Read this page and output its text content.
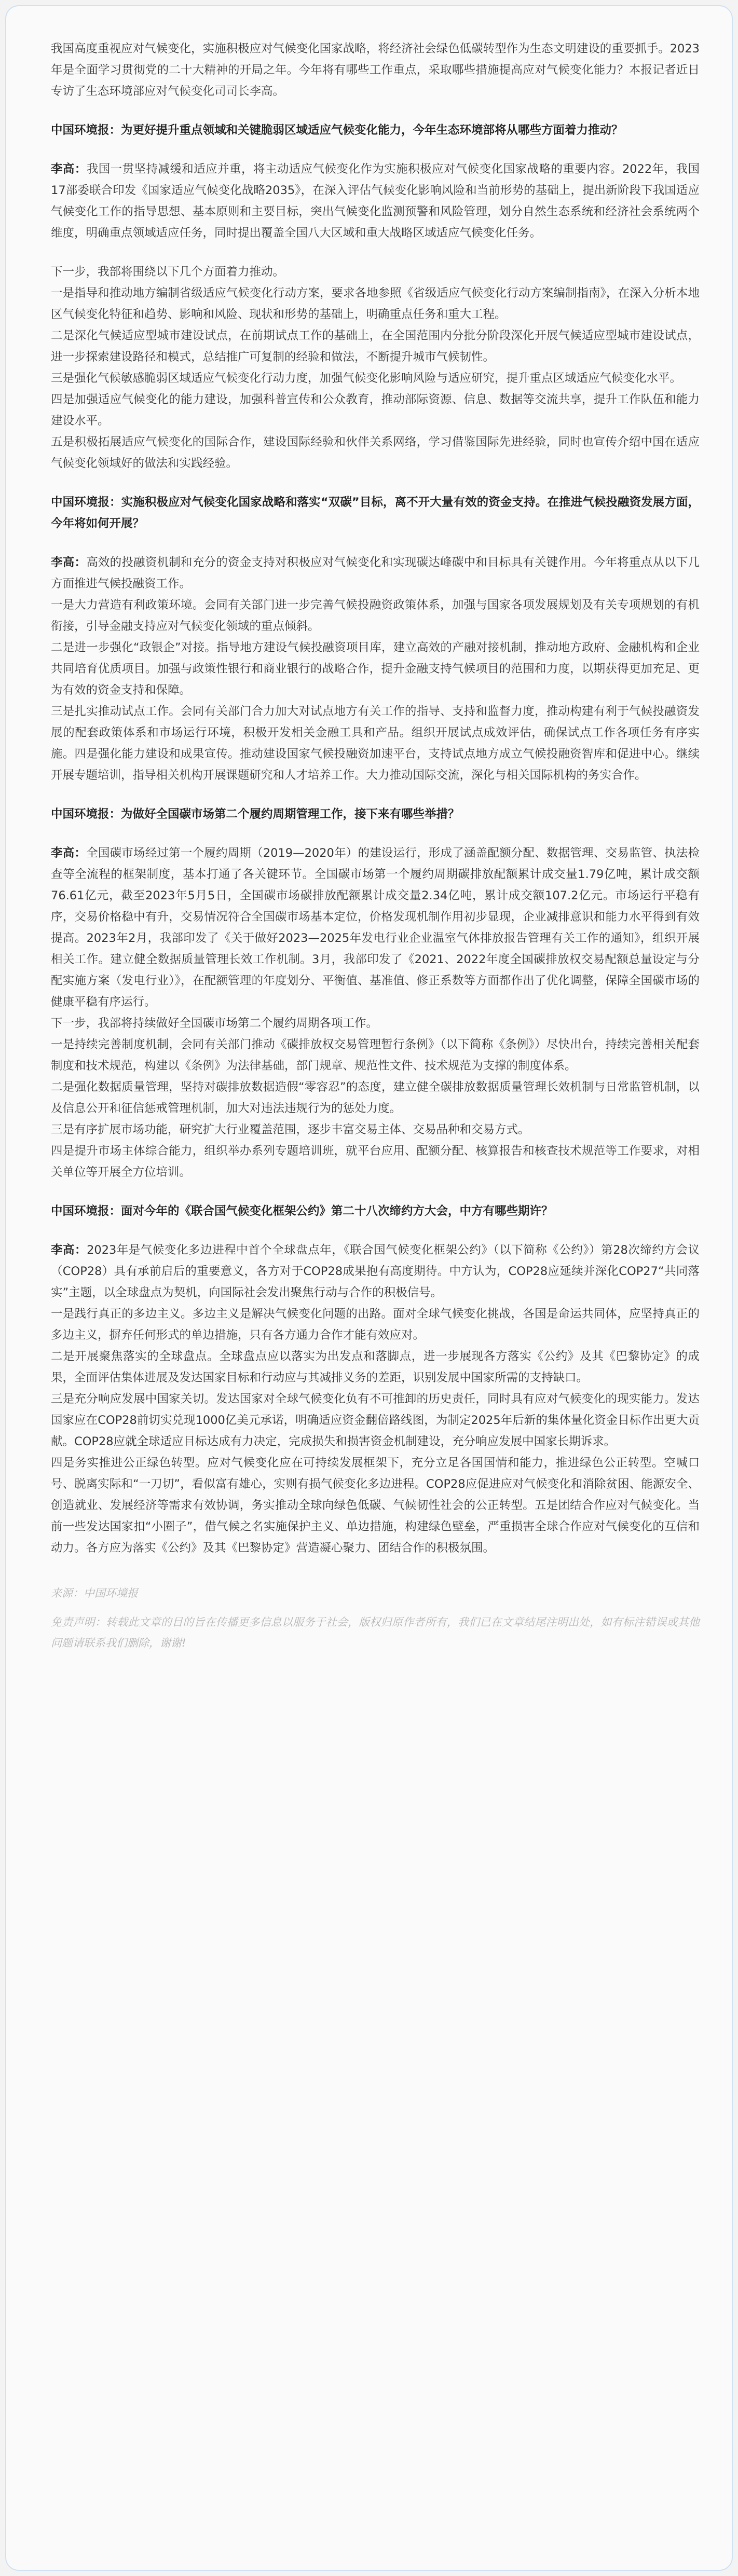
我国高度重视应对气候变化，实施积极应对气候变化国家战略，将经济社会绿色低碳转型作为生态文明建设的重要抓手。2023年是全面学习贯彻党的二十大精神的开局之年。今年将有哪些工作重点，采取哪些措施提高应对气候变化能力？本报记者近日专访了生态环境部应对气候变化司司长李高。

中国环境报：为更好提升重点领域和关键脆弱区域适应气候变化能力，今年生态环境部将从哪些方面着力推动？

李高：我国一贯坚持减缓和适应并重，将主动适应气候变化作为实施积极应对气候变化国家战略的重要内容。2022年，我国17部委联合印发《国家适应气候变化战略2035》，在深入评估气候变化影响风险和当前形势的基础上，提出新阶段下我国适应气候变化工作的指导思想、基本原则和主要目标，突出气候变化监测预警和风险管理，划分自然生态系统和经济社会系统两个维度，明确重点领域适应任务，同时提出覆盖全国八大区域和重大战略区域适应气候变化任务。

下一步，我部将围绕以下几个方面着力推动。

一是指导和推动地方编制省级适应气候变化行动方案，要求各地参照《省级适应气候变化行动方案编制指南》，在深入分析本地区气候变化特征和趋势、影响和风险、现状和形势的基础上，明确重点任务和重大工程。

二是深化气候适应型城市建设试点，在前期试点工作的基础上，在全国范围内分批分阶段深化开展气候适应型城市建设试点，进一步探索建设路径和模式，总结推广可复制的经验和做法，不断提升城市气候韧性。

三是强化气候敏感脆弱区域适应气候变化行动力度，加强气候变化影响风险与适应研究，提升重点区域适应气候变化水平。

四是加强适应气候变化的能力建设，加强科普宣传和公众教育，推动部际资源、信息、数据等交流共享，提升工作队伍和能力建设水平。

五是积极拓展适应气候变化的国际合作，建设国际经验和伙伴关系网络，学习借鉴国际先进经验，同时也宣传介绍中国在适应气候变化领域好的做法和实践经验。

中国环境报：实施积极应对气候变化国家战略和落实“双碳”目标，离不开大量有效的资金支持。在推进气候投融资发展方面，今年将如何开展？

李高：高效的投融资机制和充分的资金支持对积极应对气候变化和实现碳达峰碳中和目标具有关键作用。今年将重点从以下几方面推进气候投融资工作。

一是大力营造有利政策环境。会同有关部门进一步完善气候投融资政策体系，加强与国家各项发展规划及有关专项规划的有机衔接，引导金融支持应对气候变化领域的重点倾斜。

二是进一步强化“政银企”对接。指导地方建设气候投融资项目库，建立高效的产融对接机制，推动地方政府、金融机构和企业共同培育优质项目。加强与政策性银行和商业银行的战略合作，提升金融支持气候项目的范围和力度，以期获得更加充足、更为有效的资金支持和保障。

三是扎实推动试点工作。会同有关部门合力加大对试点地方有关工作的指导、支持和监督力度，推动构建有利于气候投融资发展的配套政策体系和市场运行环境，积极开发相关金融工具和产品。组织开展试点成效评估，确保试点工作各项任务有序实施。四是强化能力建设和成果宣传。推动建设国家气候投融资加速平台，支持试点地方成立气候投融资智库和促进中心。继续开展专题培训，指导相关机构开展课题研究和人才培养工作。大力推动国际交流，深化与相关国际机构的务实合作。

中国环境报：为做好全国碳市场第二个履约周期管理工作，接下来有哪些举措？

李高：全国碳市场经过第一个履约周期（2019—2020年）的建设运行，形成了涵盖配额分配、数据管理、交易监管、执法检查等全流程的框架制度，基本打通了各关键环节。全国碳市场第一个履约周期碳排放配额累计成交量1.79亿吨，累计成交额76.61亿元，截至2023年5月5日，全国碳市场碳排放配额累计成交量2.34亿吨，累计成交额107.2亿元。市场运行平稳有序，交易价格稳中有升，交易情况符合全国碳市场基本定位，价格发现机制作用初步显现，企业减排意识和能力水平得到有效提高。2023年2月，我部印发了《关于做好2023—2025年发电行业企业温室气体排放报告管理有关工作的通知》，组织开展相关工作。建立健全数据质量管理长效工作机制。3月，我部印发了《2021、2022年度全国碳排放权交易配额总量设定与分配实施方案（发电行业）》，在配额管理的年度划分、平衡值、基准值、修正系数等方面都作出了优化调整，保障全国碳市场的健康平稳有序运行。

下一步，我部将持续做好全国碳市场第二个履约周期各项工作。

一是持续完善制度机制，会同有关部门推动《碳排放权交易管理暂行条例》（以下简称《条例》）尽快出台，持续完善相关配套制度和技术规范，构建以《条例》为法律基础，部门规章、规范性文件、技术规范为支撑的制度体系。

二是强化数据质量管理，坚持对碳排放数据造假“零容忍”的态度，建立健全碳排放数据质量管理长效机制与日常监管机制，以及信息公开和征信惩戒管理机制，加大对违法违规行为的惩处力度。

三是有序扩展市场功能，研究扩大行业覆盖范围，逐步丰富交易主体、交易品种和交易方式。

四是提升市场主体综合能力，组织举办系列专题培训班，就平台应用、配额分配、核算报告和核查技术规范等工作要求，对相关单位等开展全方位培训。

中国环境报：面对今年的《联合国气候变化框架公约》第二十八次缔约方大会，中方有哪些期许？

李高：2023年是气候变化多边进程中首个全球盘点年，《联合国气候变化框架公约》（以下简称《公约》）第28次缔约方会议（COP28）具有承前启后的重要意义，各方对于COP28成果抱有高度期待。中方认为，COP28应延续并深化COP27“共同落实”主题，以全球盘点为契机，向国际社会发出聚焦行动与合作的积极信号。

一是践行真正的多边主义。多边主义是解决气候变化问题的出路。面对全球气候变化挑战，各国是命运共同体，应坚持真正的多边主义，摒弃任何形式的单边措施，只有各方通力合作才能有效应对。

二是开展聚焦落实的全球盘点。全球盘点应以落实为出发点和落脚点，进一步展现各方落实《公约》及其《巴黎协定》的成果，全面评估集体进展及发达国家目标和行动应与其减排义务的差距，识别发展中国家所需的支持缺口。

三是充分响应发展中国家关切。发达国家对全球气候变化负有不可推卸的历史责任，同时具有应对气候变化的现实能力。发达国家应在COP28前切实兑现1000亿美元承诺，明确适应资金翻倍路线图，为制定2025年后新的集体量化资金目标作出更大贡献。COP28应就全球适应目标达成有力决定，完成损失和损害资金机制建设，充分响应发展中国家长期诉求。

四是务实推进公正绿色转型。应对气候变化应在可持续发展框架下，充分立足各国国情和能力，推进绿色公正转型。空喊口号、脱离实际和“一刀切”，看似富有雄心，实则有损气候变化多边进程。COP28应促进应对气候变化和消除贫困、能源安全、创造就业、发展经济等需求有效协调，务实推动全球向绿色低碳、气候韧性社会的公正转型。五是团结合作应对气候变化。当前一些发达国家扣“小圈子”，借气候之名实施保护主义、单边措施，构建绿色壁垒，严重损害全球合作应对气候变化的互信和动力。各方应为落实《公约》及其《巴黎协定》营造凝心聚力、团结合作的积极氛围。

来源：中国环境报

免责声明：转载此文章的目的旨在传播更多信息以服务于社会，版权归原作者所有，我们已在文章结尾注明出处，如有标注错误或其他问题请联系我们删除，谢谢!
